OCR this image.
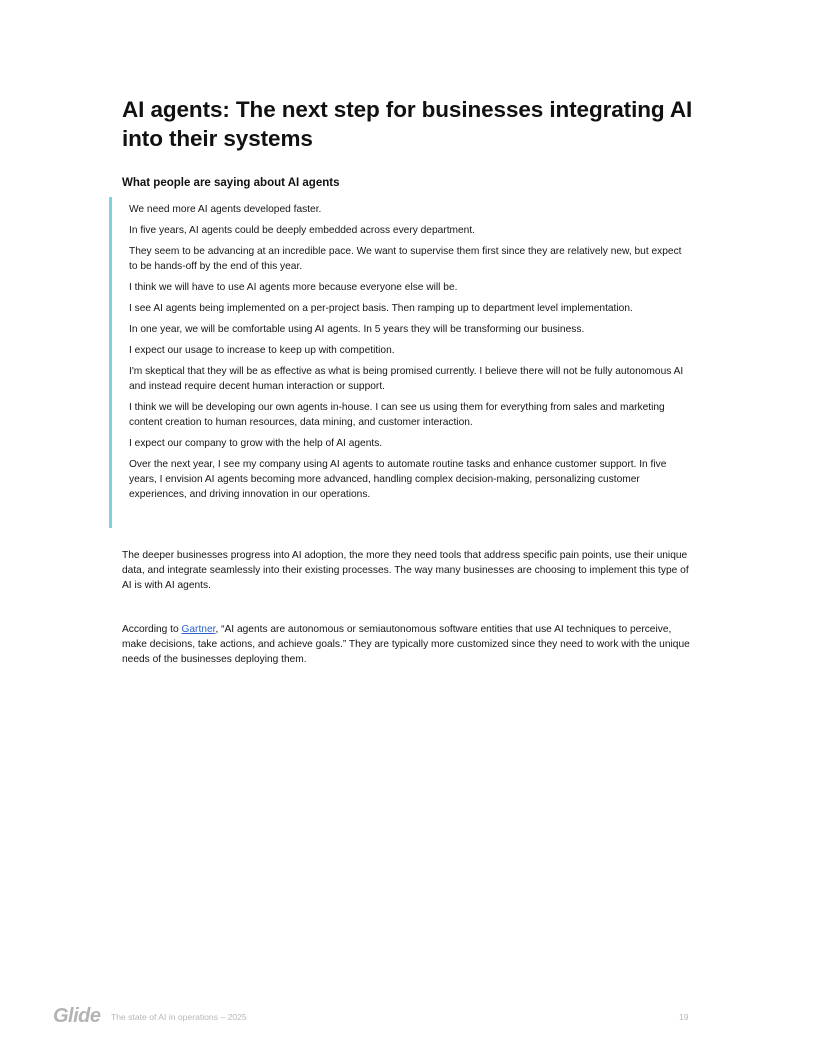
AI agents: The next step for businesses integrating AI into their systems
What people are saying about AI agents

We need more AI agents developed faster.

In five years, AI agents could be deeply embedded across every department.

They seem to be advancing at an incredible pace. We want to supervise them first since they are relatively new, but expect to be hands-off by the end of this year.

I think we will have to use AI agents more because everyone else will be.

I see AI agents being implemented on a per-project basis. Then ramping up to department level implementation.

In one year, we will be comfortable using AI agents. In 5 years they will be transforming our business.

I expect our usage to increase to keep up with competition.

I'm skeptical that they will be as effective as what is being promised currently. I believe there will not be fully autonomous AI and instead require decent human interaction or support.

I think we will be developing our own agents in-house. I can see us using them for everything from sales and marketing content creation to human resources, data mining, and customer interaction.

I expect our company to grow with the help of AI agents.

Over the next year, I see my company using AI agents to automate routine tasks and enhance customer support. In five years, I envision AI agents becoming more advanced, handling complex decision-making, personalizing customer experiences, and driving innovation in our operations.

The deeper businesses progress into AI adoption, the more they need tools that address specific pain points, use their unique data, and integrate seamlessly into their existing processes. The way many businesses are choosing to implement this type of AI is with AI agents.

According to Gartner, “AI agents are autonomous or semiautonomous software entities that use AI techniques to perceive, make decisions, take actions, and achieve goals.” They are typically more customized since they need to work with the unique needs of the businesses deploying them.

Glide The state of AI in operations – 2025	19
